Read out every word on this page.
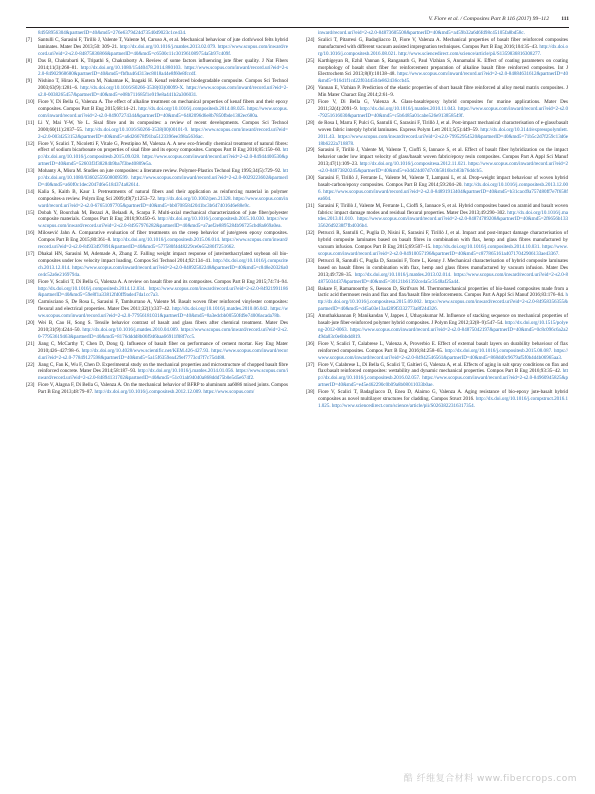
V. Fiore et al. / Composites Part B 116 (2017) 99–112 111

84958956304&partnerID=40&md5=276e6379d24d73540d9023c1ce434.

[7] Santulli C, Sarasini F, Tirillò J, Valente T, Valente M, Caruso A, et al. Mechanical behaviour of jute cloth/wool felts hybrid laminates. Mater Des 2013;50: 309–21. http://dx.doi.org/10.1016/j.matdes.2013.02.079. https://www.scopus.com/inward/record.uri?eid=2-s2.0-84875836866&partnerID=40&md5=c6500c11c301961089754a5b97c409f.

[8] Das B, Chakrabarti K, Tripathi S, Chakraborty A. Review of some factors influencing jute fiber quality. J Nat Fibers 2014;11(3):268–81. http://dx.doi.org/10.1080/15440478.2014.880103. https://www.scopus.com/inward/record.uri?eid=2-s2.0-84902968680&partnerID=40&md5=fbfba464313ec8018a44e8f60e8fccdf.

[9] Nishino T, Hirao K, Kotera M, Nakamae K, Inagaki H. Kenaf reinforced biodegradable composite. Compos Sci Technol 2003;63(9):1281–6. http://dx.doi.org/10.1016/S0266-3538(03)00099-X. https://www.scopus.com/inward/record.uri?eid=2-s2.0-0038265457&partnerID=40&md5=e08b711685f1e919e8a441b2a306031.

[10] Fiore V, Di Bella G, Valenza A. The effect of alkaline treatment on mechanical properties of kenaf fibers and their epoxy composites. Compos Part B Eng 2015;68:14–21. http://dx.doi.org/10.1016/j.compositesb.2014.08.025. https://www.scopus.com/inward/record.uri?eid=2-s2.0-84907274344&partnerID=40&md5=6482096d6e8b7850fbde1382ec680a.

[11] Li Y, Mai Y-W, Ye L. Sisal fibre and its composites: a review of recent developments. Compos Sci Technol 2000;60(11):2037–55. http://dx.doi.org/10.1016/S0266-3538(00)00101-9. https://www.scopus.com/inward/record.uri?eid=2-s2.0-0034253152&partnerID=40&md5=a6d26678f91ba5123396ee398a5636ac.

[12] Fiore V, Scalici T, Nicoletti F, Vitale G, Prestipino M, Valenza A. A new eco-friendly chemical treatment of natural fibres: effect of sodium bicarbonate on properties of sisal fibre and its epoxy composites. Compos Part B Eng 2016;85:150–60. http://dx.doi.org/10.1016/j.compositesb.2015.09.028. https://www.scopus.com/inward/record.uri?eid=2-s2.0-84944400530&partnerID=40&md5=52603f3f38284b9ba7f3be40809e5a.

[13] Mohanty A, Misra M. Studies on jute composites: a literature review. Polymer-Plastics Technol Eng 1995;34(5):729–92. http://dx.doi.org/10.1080/03602559508009599. https://www.scopus.com/inward/record.uri?eid=2-s2.0-0029223602&partnerID=40&md5=a60f0c1dec2047d6e5184374a82614.

[14] Kalia S, Kaith B, Kaur I. Pretreatments of natural fibers and their application as reinforcing material in polymer composites-a review. Polym Eng Sci 2009;49(7):1253–72. http://dx.doi.org/10.1002/pen.21328. https://www.scopus.com/inward/record.uri?eid=2-s2.0-67651097705&partnerID=40&md5=bb07085842041bc3b647401646e88e9c.

[15] Dobah Y, Bourchak M, Bezazi A, Belaadi A, Scarpa F. Multi-axial mechanical characterization of jute fiber/polyester composite materials. Compos Part B Eng 2016;90:450–6. http://dx.doi.org/10.1016/j.compositesb.2015.10.030. https://www.scopus.com/inward/record.uri?eid=2-s2.0-84957976282&partnerID=40&md5=a7aef2e8895284b96725cbd8a669a0ea.

[16] Milosević Jahn A. Comparative evaluation of fiber treatments on the creep behavior of jute/green epoxy composites. Compos Part B Eng 2015;80:361–8. http://dx.doi.org/10.1016/j.compositesb.2015.06.014. https://www.scopus.com/inward/record.uri?eid=2-s2.0-84933497891&partnerID=40&md5=577580f4d48229ce0e55286f7251662.

[17] Dhakal HN, Sarasini M, Ademade A, Zhang Z. Falling weight impact response of jute/methacrylated soybean oil bio-composites under low velocity impact loading. Compos Sci Technol 2014;92:134–41. http://dx.doi.org/10.1016/j.compscitech.2013.12.014. https://www.scopus.com/inward/record.uri?eid=2-s2.0-84892502248&partnerID=40&md5=c848e20326a0ce4c52a6e2169794a.

[18] Fiore V, Scalici T, Di Bella G, Valenza A. A review on basalt fibre and its composites. Compos Part B Eng 2015;74:74–94. http://dx.doi.org/10.1016/j.compositesb.2014.12.034. https://www.scopus.com/inward/record.uri?eid=2-s2.0-84921991186&partnerID=40&md5=59e8f1a33812fd0ff9ade47da1cc7a3.

[19] Carmisciano S, De Rosa L, Sarasini F, Tamburrano A, Valente M. Basalt woven fiber reinforced vinylester composites: flexural and electrical properties. Mater Des 2011;32(1):337–42. http://dx.doi.org/10.1016/j.matdes.2010.06.042. https://www.scopus.com/inward/record.uri?eid=2-s2.0-77956181031&partnerID=40&md5=8a3edcbb00550fd9e74006acada78b.

[20] Wei B, Cao H, Song S. Tensile behavior contrast of basalt and glass fibers after chemical treatment. Mater Des 2010;31(9):4244–50. http://dx.doi.org/10.1016/j.matdes.2010.04.009. https://www.scopus.com/inward/record.uri?eid=2-s2.0-77953619463&partnerID=40&md5=8176dddd8b06f946baa66911f08f7cc5.

[21] Jiang C, McCarthy T, Chen D, Dong Q. Influence of basalt fiber on performance of cement mortar. Key Eng Mater 2010;426–427:98–6. http://dx.doi.org/10.4028/www.scientific.net/KEM.426-427.93. https://www.scopus.com/inward/record.uri?eid=2-s2.0-77849127598&partnerID=40&md5=5a15f6359ea429ef7773cd7f7c75d488.

[22] Jiang C, Fan K, Wu F, Chen D. Experimental study on the mechanical properties and microstructure of chopped basalt fibre reinforced concrete. Mater Des 2014;58:187–93. http://dx.doi.org/10.1016/j.matdes.2014.01.056. https://www.scopus.com/inward/record.uri?eid=2-s2.0-84894131702&partnerID=40&md5=51c01ab94040a868ddd75b0e5d5e674f2.

[23] Fiore V, Alagna F, Di Bella G, Valenza A. On the mechanical behavior of BFRP to aluminum aa6086 mixed joints. Compos Part B Eng 2013;48:79–87. http://dx.doi.org/10.1016/j.compositesb.2012.12.009. https://www.scopus.com/

inward/record.uri?eid=2-s2.0-84873605508&partnerID=40&md5=a459b32a6d6fd98c45105fa8bd58c.

[24] Scalici T, Pitarresi G, Badagliacco D, Fiore V, Valenza A. Mechanical properties of basalt fiber reinforced composites manufactured with different vacuum assisted impregnation techniques. Compos Part B Eng 2016;104:35–43. http://dx.doi.org/10.1016/j.compositesb.2016.08.021. http://www.sciencedirect.com/science/article/pii/S1359836816308277.

[25] Karthigeyan R, Ezhil Vannan S, Ranganath G, Paul Vizhian S, Annamalai K. Effect of coating parameters on coating morphology of basalt short fiber for reinforcement preparation of alkaline basalt fibre reinforced composites. Int J Electrochem Sci 2013;8(8):10138–48. https://www.scopus.com/inward/record.uri?eid=2-s2.0-84884631612&partnerID=40&md5=916d1f1cd22f0344504e862436ccb45.

[26] Vannan E, Vizhian P. Prediction of the elastic properties of short basalt fibre reinforced al alloy metal matrix composites. J Min Mater Charact Eng 2014;2:61–9.

[27] Fiore V, Di Bella G, Valenza A. Glass-basalt/epoxy hybrid composites for marine applications. Mater Des 2011;32(4):2091–9. http://dx.doi.org/10.1016/j.matdes.2010.11.043. https://www.scopus.com/inward/record.uri?eid=2-s2.0-79251616030&partnerID=40&md5=c5b6485a01cabe526e913858549f.

[28] de Rosa I, Marra F, Pulci G, Santulli C, Sarasini F, Tirillò J, et al. Post-impact mechanical characterisation of e-glass/basalt woven fabric interply hybrid laminates. Express Polym Lett 2011;5(5):449–59. http://dx.doi.org/10.3144/expresspolymlett.2011.43. https://www.scopus.com/inward/record.uri?eid=2-s2.0-79952954520&partnerID=40&md5=71b5c2d7f259c13d6e18b6222a718878.

[29] Sarasini F, Tirillò J, Valente M, Valente T, Cioffi S, Iannace S, et al. Effect of basalt fiber hybridization on the impact behavior under low impact velocity of glass/basalt woven fabric/epoxy resin composites. Compos Part A Appl Sci Manuf 2013;47(1):109–23. http://dx.doi.org/10.1016/j.compositesa.2012.11.021. https://www.scopus.com/inward/record.uri?eid=2-s2.0-84873820245&partnerID=40&md5=e3dd24d07d7c0b5816bcb83b76ddcb5.

[30] Sarasini F, Tirillò J, Ferrante L, Valente M, Valente T, Lampani L, et al. Drop-weight impact behaviour of woven hybrid basalt-carbon/epoxy composites. Compos Part B Eng 2014;59:204–20. http://dx.doi.org/10.1016/j.compositesb.2013.12.006. https://www.scopus.com/inward/record.uri?eid=2-s2.0-84891913404&partnerID=40&md5=b31cacd9a757d80ff7e7f658fea604.

[31] Sarasini F, Tirillò J, Valente M, Ferrante L, Cioffi S, Iannace S, et al. Hybrid composites based on aramid and basalt woven fabrics: impact damage modes and residual flexural properties. Mater Des 2013;49:290–302. http://dx.doi.org/10.1016/j.matdes.2013.01.010. https://www.scopus.com/inward/record.uri?eid=2-s2.0-84874789208&partnerID=40&md5=2f6656b13335626d9238f7fb4036b4.

[32] Petrucci R, Santulli C, Puglia D, Nisini E, Sarasini F, Tirillò J, et al. Impact and post-impact damage characterisation of hybrid composite laminates based on basalt fibres in combination with flax, hemp and glass fibres manufactured by vacuum infusion. Compos Part B Eng 2015;69:507–15. http://dx.doi.org/10.1016/j.compositesb.2014.10.031. https://www.scopus.com/inward/record.uri?eid=2-s2.0-84910057196&partnerID=40&md5=c877865161a40717042906133ae43367.

[33] Petrucci R, Santulli C, Puglia D, Sarasini F, Torre L, Kenny J. Mechanical characterisation of hybrid composite laminates based on basalt fibres in combination with flax, hemp and glass fibres manufactured by vacuum infusion. Mater Des 2013;49:728–35. http://dx.doi.org/10.1016/j.matdes.2013.02.014. https://www.scopus.com/inward/record.uri?eid=2-s2.0-84875034437&partnerID=40&md5=30121b61392ce4a5c3548af25a44.

[34] Bakare F, Ramamoorthy S, Ikesson D, Skrifvars M. Thermomechanical properties of bio-based composites made from a lactic acid thermoset resin and flax and flax/basalt fibre reinforcements. Compos Part A Appl Sci Manuf 2016;83:176–84. http://dx.doi.org/10.1016/j.compositesa.2015.09.002. https://www.scopus.com/inward/record.uri?eid=2-s2.0-84958356355&partnerID=40&md5=d45a03e13a4289f3332773a8f24d326.

[35] Amuthakkannan P, Manikandan V, Jappes J, Uthayakumar M. Influence of stacking sequence on mechanical properties of basalt-jute fiber-reinforced polymer hybrid composites. J Polym Eng 2012;32(8–9):547–54. http://dx.doi.org/10.1515/polyeng-2012-0063. https://www.scopus.com/inward/record.uri?eid=2-s2.0-84875042197&partnerID=40&md5=0c8c096c6a2a249da03c0e6bbdd819.

[36] Fiore V, Scalici T, Calabrese L, Valenza A, Proverbio E. Effect of external basalt layers on durability behaviour of flax reinforced composites. Compos Part B Eng 2016;84:258–65. http://dx.doi.org/10.1016/j.compositesb.2015.08.087. https://www.scopus.com/inward/record.uri?eid=2-s2.0-84942546561&partnerID=40&md5=868dd0c9679af5f0b4d4b06965aa3.

[37] Fiore V, Calabrese L, Di Bella G, Scalici T, Galtieri G, Valenza A, et al. Effects of aging in salt spray conditions on flax and flax/basalt reinforced composites: wettability and dynamic mechanical properties. Compos Part B Eng 2016;93:35–42. http://dx.doi.org/10.1016/j.compositesb.2016.02.057. https://www.scopus.com/inward/record.uri?eid=2-s2.0-84960945825&partnerID=40&md5=e45e462290c0b09a8b08011033b0ae.

[38] Fiore V, Scalici T, Badagliacco D, Enea D, Alaimo G, Valenza A. Aging resistance of bio-epoxy jute-basalt hybrid composites as novel multilayer structures for cladding. Compos Struct 2016. http://dx.doi.org/10.1016/j.compstruct.2016.11.025. http://www.sciencedirect.com/science/article/pii/S0263822316317354.

酷 纤维复合材料 www.fibercrops.com
